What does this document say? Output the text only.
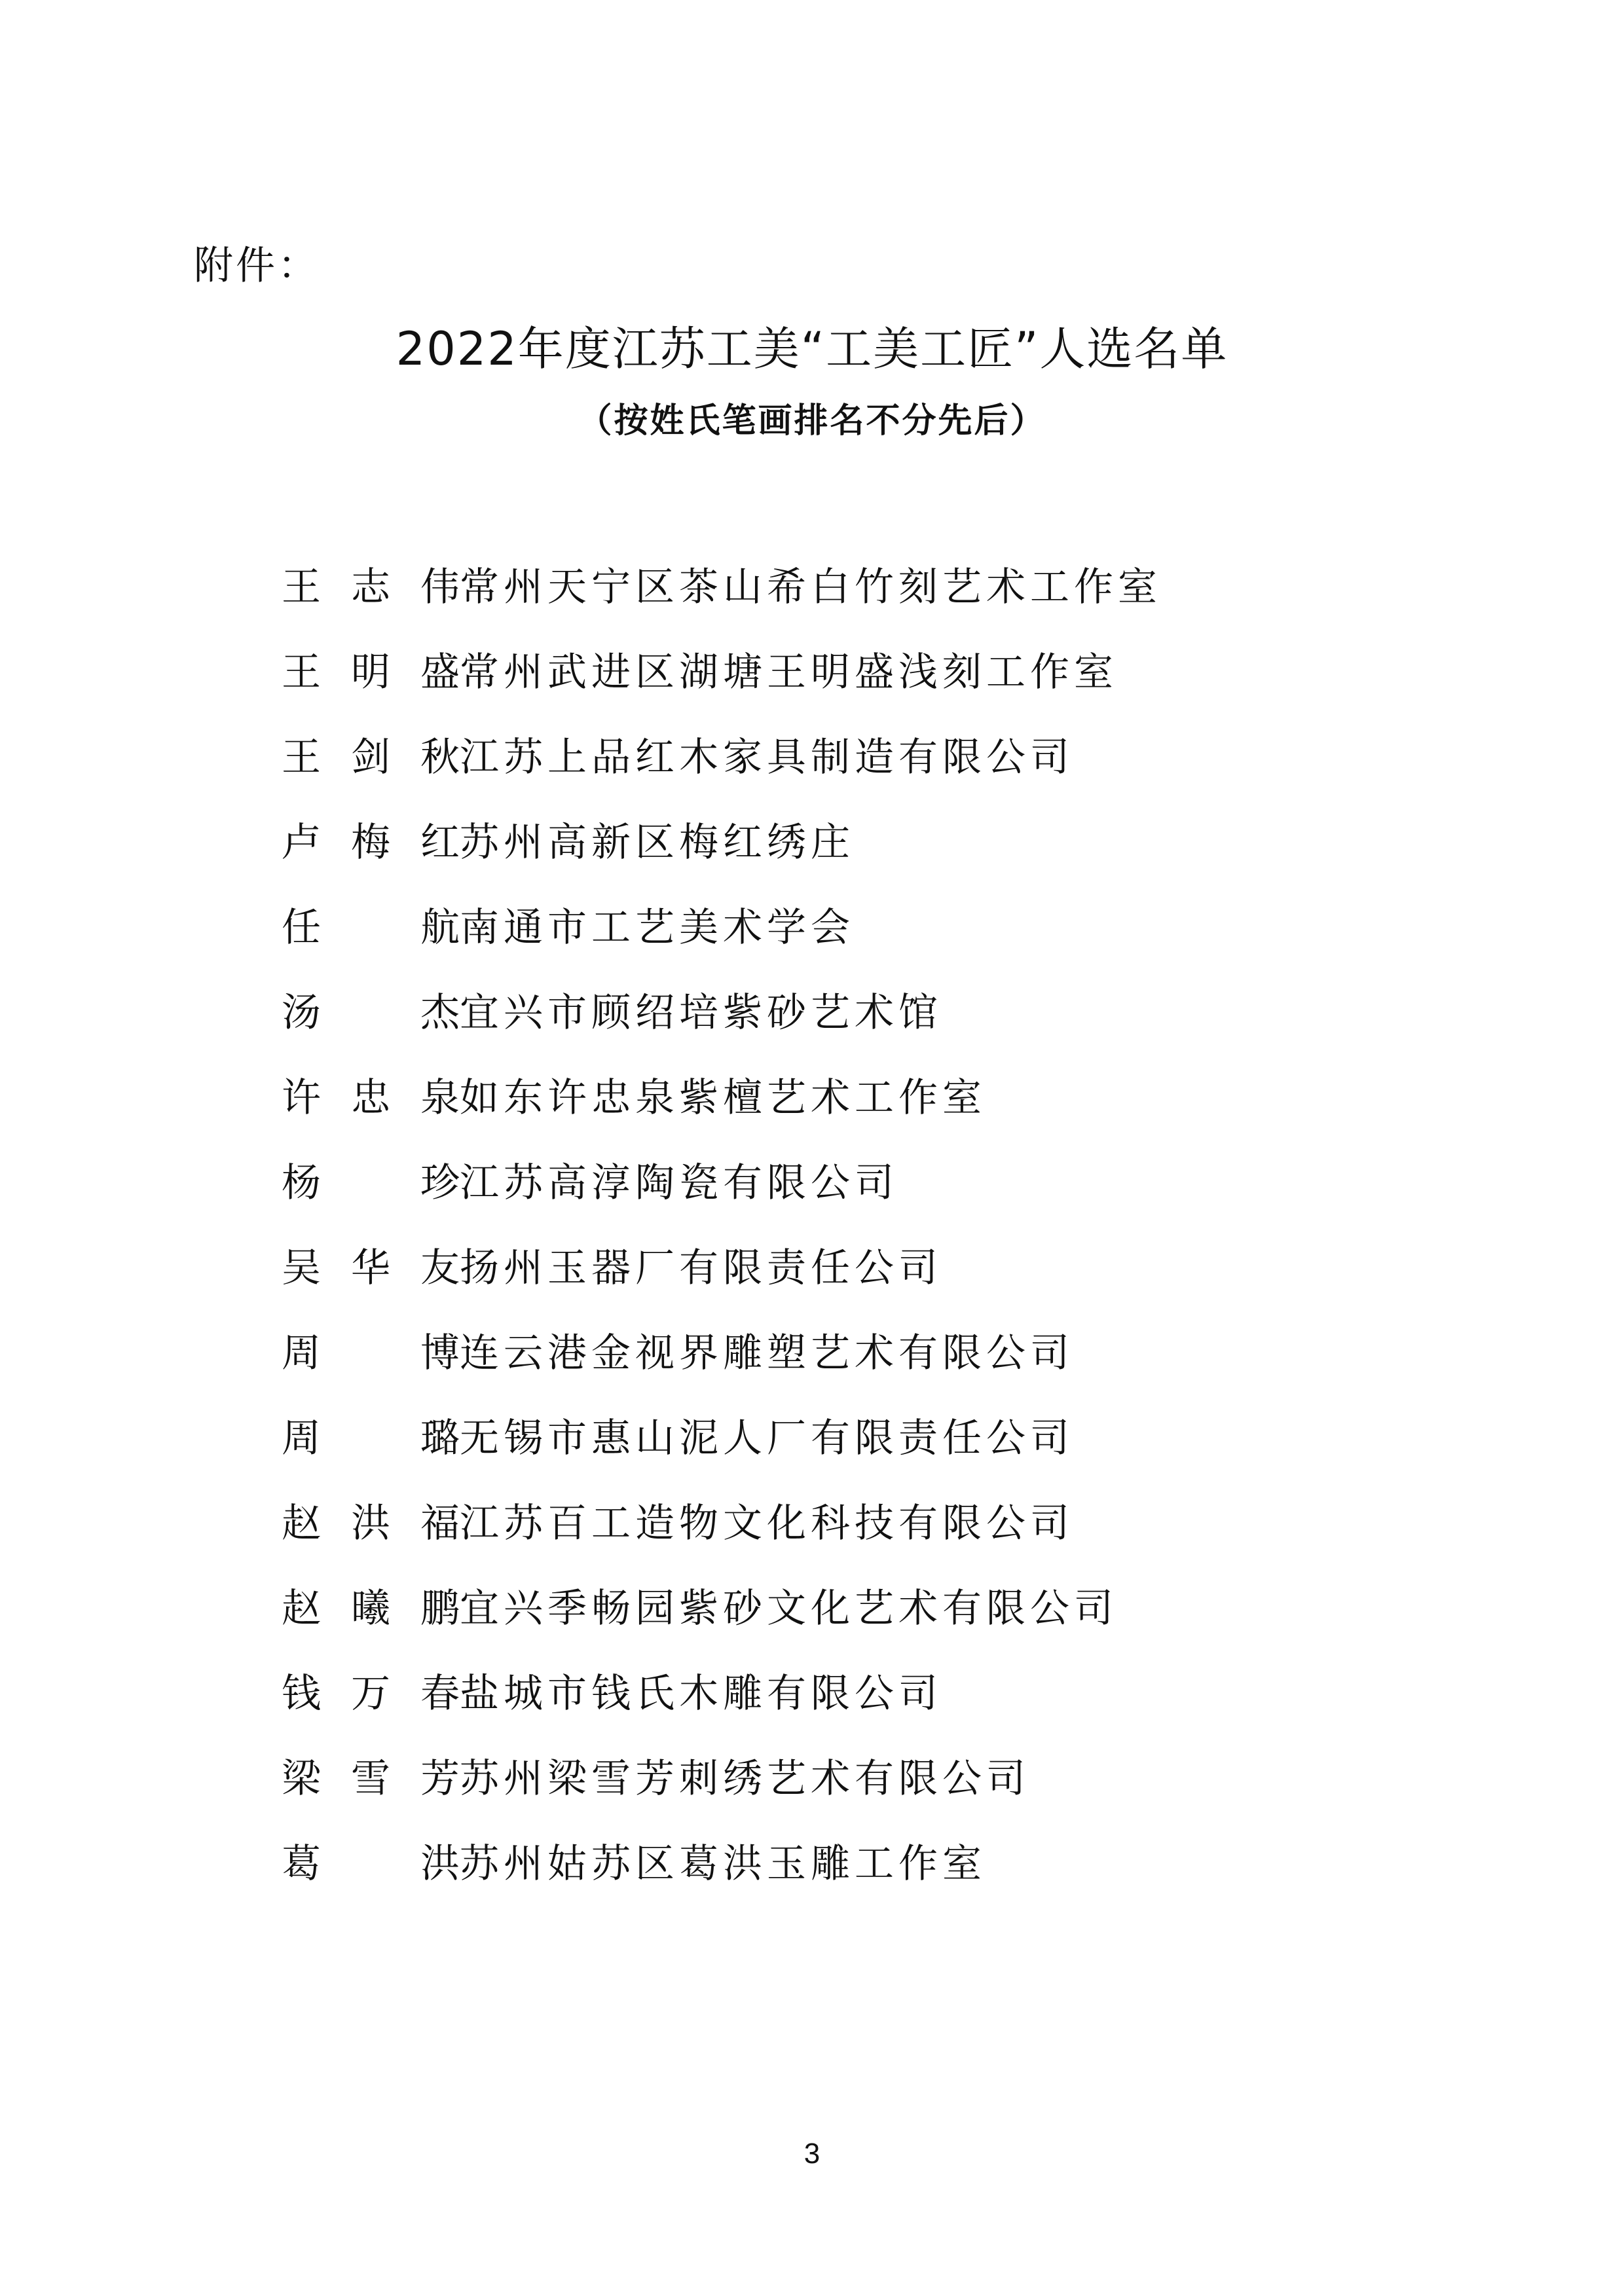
附件：
2022年度江苏工美“工美工匠”人选名单
（按姓氏笔画排名不分先后）
王 志 伟 常州天宁区茶山希白竹刻艺术工作室
王 明 盛 常州武进区湖塘王明盛浅刻工作室
王 剑 秋 江苏上品红木家具制造有限公司
卢 梅 红 苏州高新区梅红绣庄
任	航 南通市工艺美术学会
汤	杰 宜兴市顾绍培紫砂艺术馆
许 忠 泉 如东许忠泉紫檀艺术工作室
杨	珍 江苏高淳陶瓷有限公司
吴 华 友 扬州玉器厂有限责任公司
周	博 连云港金视界雕塑艺术有限公司
周	璐 无锡市惠山泥人厂有限责任公司
赵 洪 福 江苏百工造物文化科技有限公司
赵 曦 鹏 宜兴季畅园紫砂文化艺术有限公司
钱 万 春 盐城市钱氏木雕有限公司
梁 雪 芳 苏州梁雪芳刺绣艺术有限公司
葛	洪 苏州姑苏区葛洪玉雕工作室
3
